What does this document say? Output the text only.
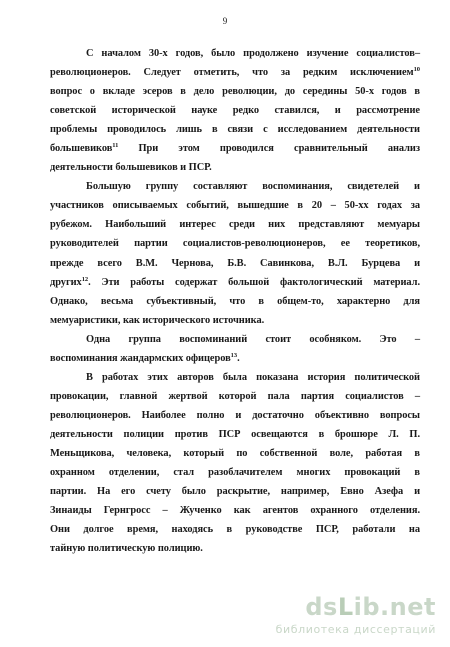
9

С началом 30-х годов, было продолжено изучение социалистов–
революционеров. Следует отметить, что за редким исключением$^{10}$
вопрос о вкладе эсеров в дело революции, до середины 50-х годов в
советской исторической науке редко ставился, и рассмотрение
проблемы проводилось лишь в связи с исследованием деятельности
большевиков$^{11}$ При этом проводился сравнительный анализ
деятельности большевиков и ПСР.

Большую группу составляют воспоминания, свидетелей и
участников описываемых событий, вышедшие в 20 – 50-хх годах за
рубежом. Наибольший интерес среди них представляют мемуары
руководителей партии социалистов-революционеров, ее теоретиков,
прежде всего В.М. Чернова, Б.В. Савинкова, В.Л. Бурцева и
других$^{12}$. Эти работы содержат большой фактологический материал.
Однако, весьма субъективный, что в общем-то, характерно для
мемуаристики, как исторического источника.

Одна группа воспоминаний стоит особняком. Это –
воспоминания жандармских офицеров$^{13}$.

В работах этих авторов была показана история политической
провокации, главной жертвой которой пала партия социалистов –
революционеров. Наиболее полно и достаточно объективно вопросы
деятельности полиции против ПСР освещаются в брошюре Л. П.
Меньщикова, человека, который по собственной воле, работая в
охранном отделении, стал разоблачителем многих провокаций в
партии. На его счету было раскрытие, например, Евно Азефа и
Зинаиды Гернгросс – Жученко как агентов охранного отделения.
Они долгое время, находясь в руководстве ПСР, работали на
тайную политическую полицию.

dsLib.net
библиотека диссертаций
